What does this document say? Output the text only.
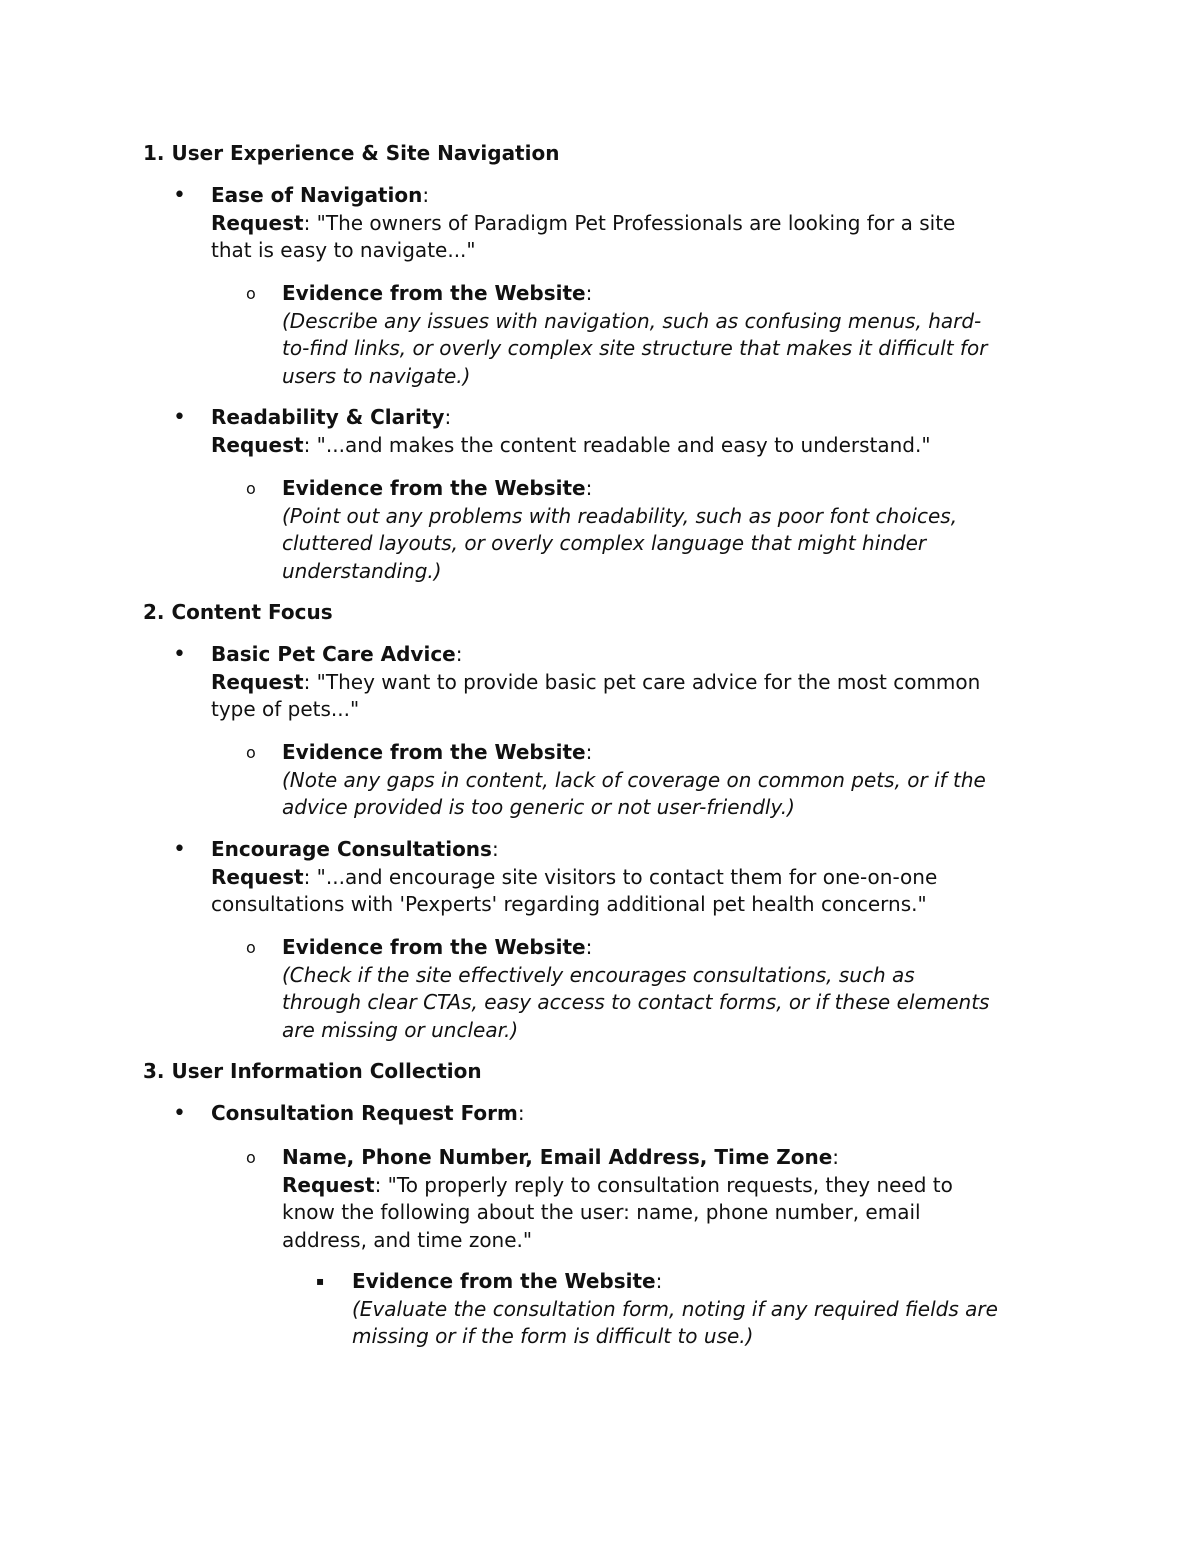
1. User Experience & Site Navigation

• Ease of Navigation:
Request: "The owners of Paradigm Pet Professionals are looking for a site
that is easy to navigate..."
o Evidence from the Website:
(Describe any issues with navigation, such as confusing menus, hard-
to-find links, or overly complex site structure that makes it difficult for
users to navigate.)
• Readability & Clarity:
Request: "...and makes the content readable and easy to understand."
o Evidence from the Website:
(Point out any problems with readability, such as poor font choices,
cluttered layouts, or overly complex language that might hinder
understanding.)

2. Content Focus

• Basic Pet Care Advice:
Request: "They want to provide basic pet care advice for the most common
type of pets..."
o Evidence from the Website:
(Note any gaps in content, lack of coverage on common pets, or if the
advice provided is too generic or not user-friendly.)
• Encourage Consultations:
Request: "...and encourage site visitors to contact them for one-on-one
consultations with 'Pexperts' regarding additional pet health concerns."
o Evidence from the Website:
(Check if the site effectively encourages consultations, such as
through clear CTAs, easy access to contact forms, or if these elements
are missing or unclear.)

3. User Information Collection

• Consultation Request Form:
o Name, Phone Number, Email Address, Time Zone:
Request: "To properly reply to consultation requests, they need to
know the following about the user: name, phone number, email
address, and time zone."
▪ Evidence from the Website:
(Evaluate the consultation form, noting if any required fields are
missing or if the form is difficult to use.)
